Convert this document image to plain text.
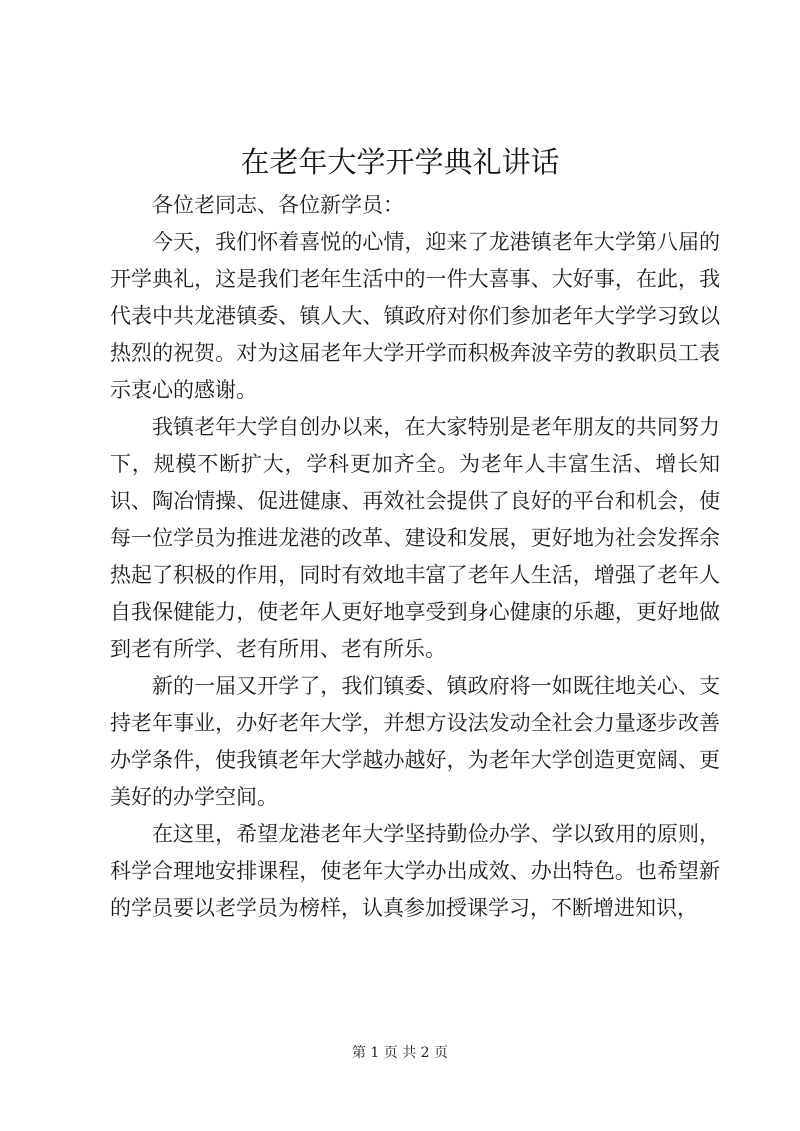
在老年大学开学典礼讲话

各位老同志、各位新学员：

今天，我们怀着喜悦的心情，迎来了龙港镇老年大学第八届的开学典礼，这是我们老年生活中的一件大喜事、大好事，在此，我代表中共龙港镇委、镇人大、镇政府对你们参加老年大学学习致以热烈的祝贺。对为这届老年大学开学而积极奔波辛劳的教职员工表示衷心的感谢。

我镇老年大学自创办以来，在大家特别是老年朋友的共同努力下，规模不断扩大，学科更加齐全。为老年人丰富生活、增长知识、陶冶情操、促进健康、再效社会提供了良好的平台和机会，使每一位学员为推进龙港的改革、建设和发展，更好地为社会发挥余热起了积极的作用，同时有效地丰富了老年人生活，增强了老年人自我保健能力，使老年人更好地享受到身心健康的乐趣，更好地做到老有所学、老有所用、老有所乐。

新的一届又开学了，我们镇委、镇政府将一如既往地关心、支持老年事业，办好老年大学，并想方设法发动全社会力量逐步改善办学条件，使我镇老年大学越办越好，为老年大学创造更宽阔、更美好的办学空间。

在这里，希望龙港老年大学坚持勤俭办学、学以致用的原则，科学合理地安排课程，使老年大学办出成效、办出特色。也希望新的学员要以老学员为榜样，认真参加授课学习，不断增进知识，

第 1 页 共 2 页
